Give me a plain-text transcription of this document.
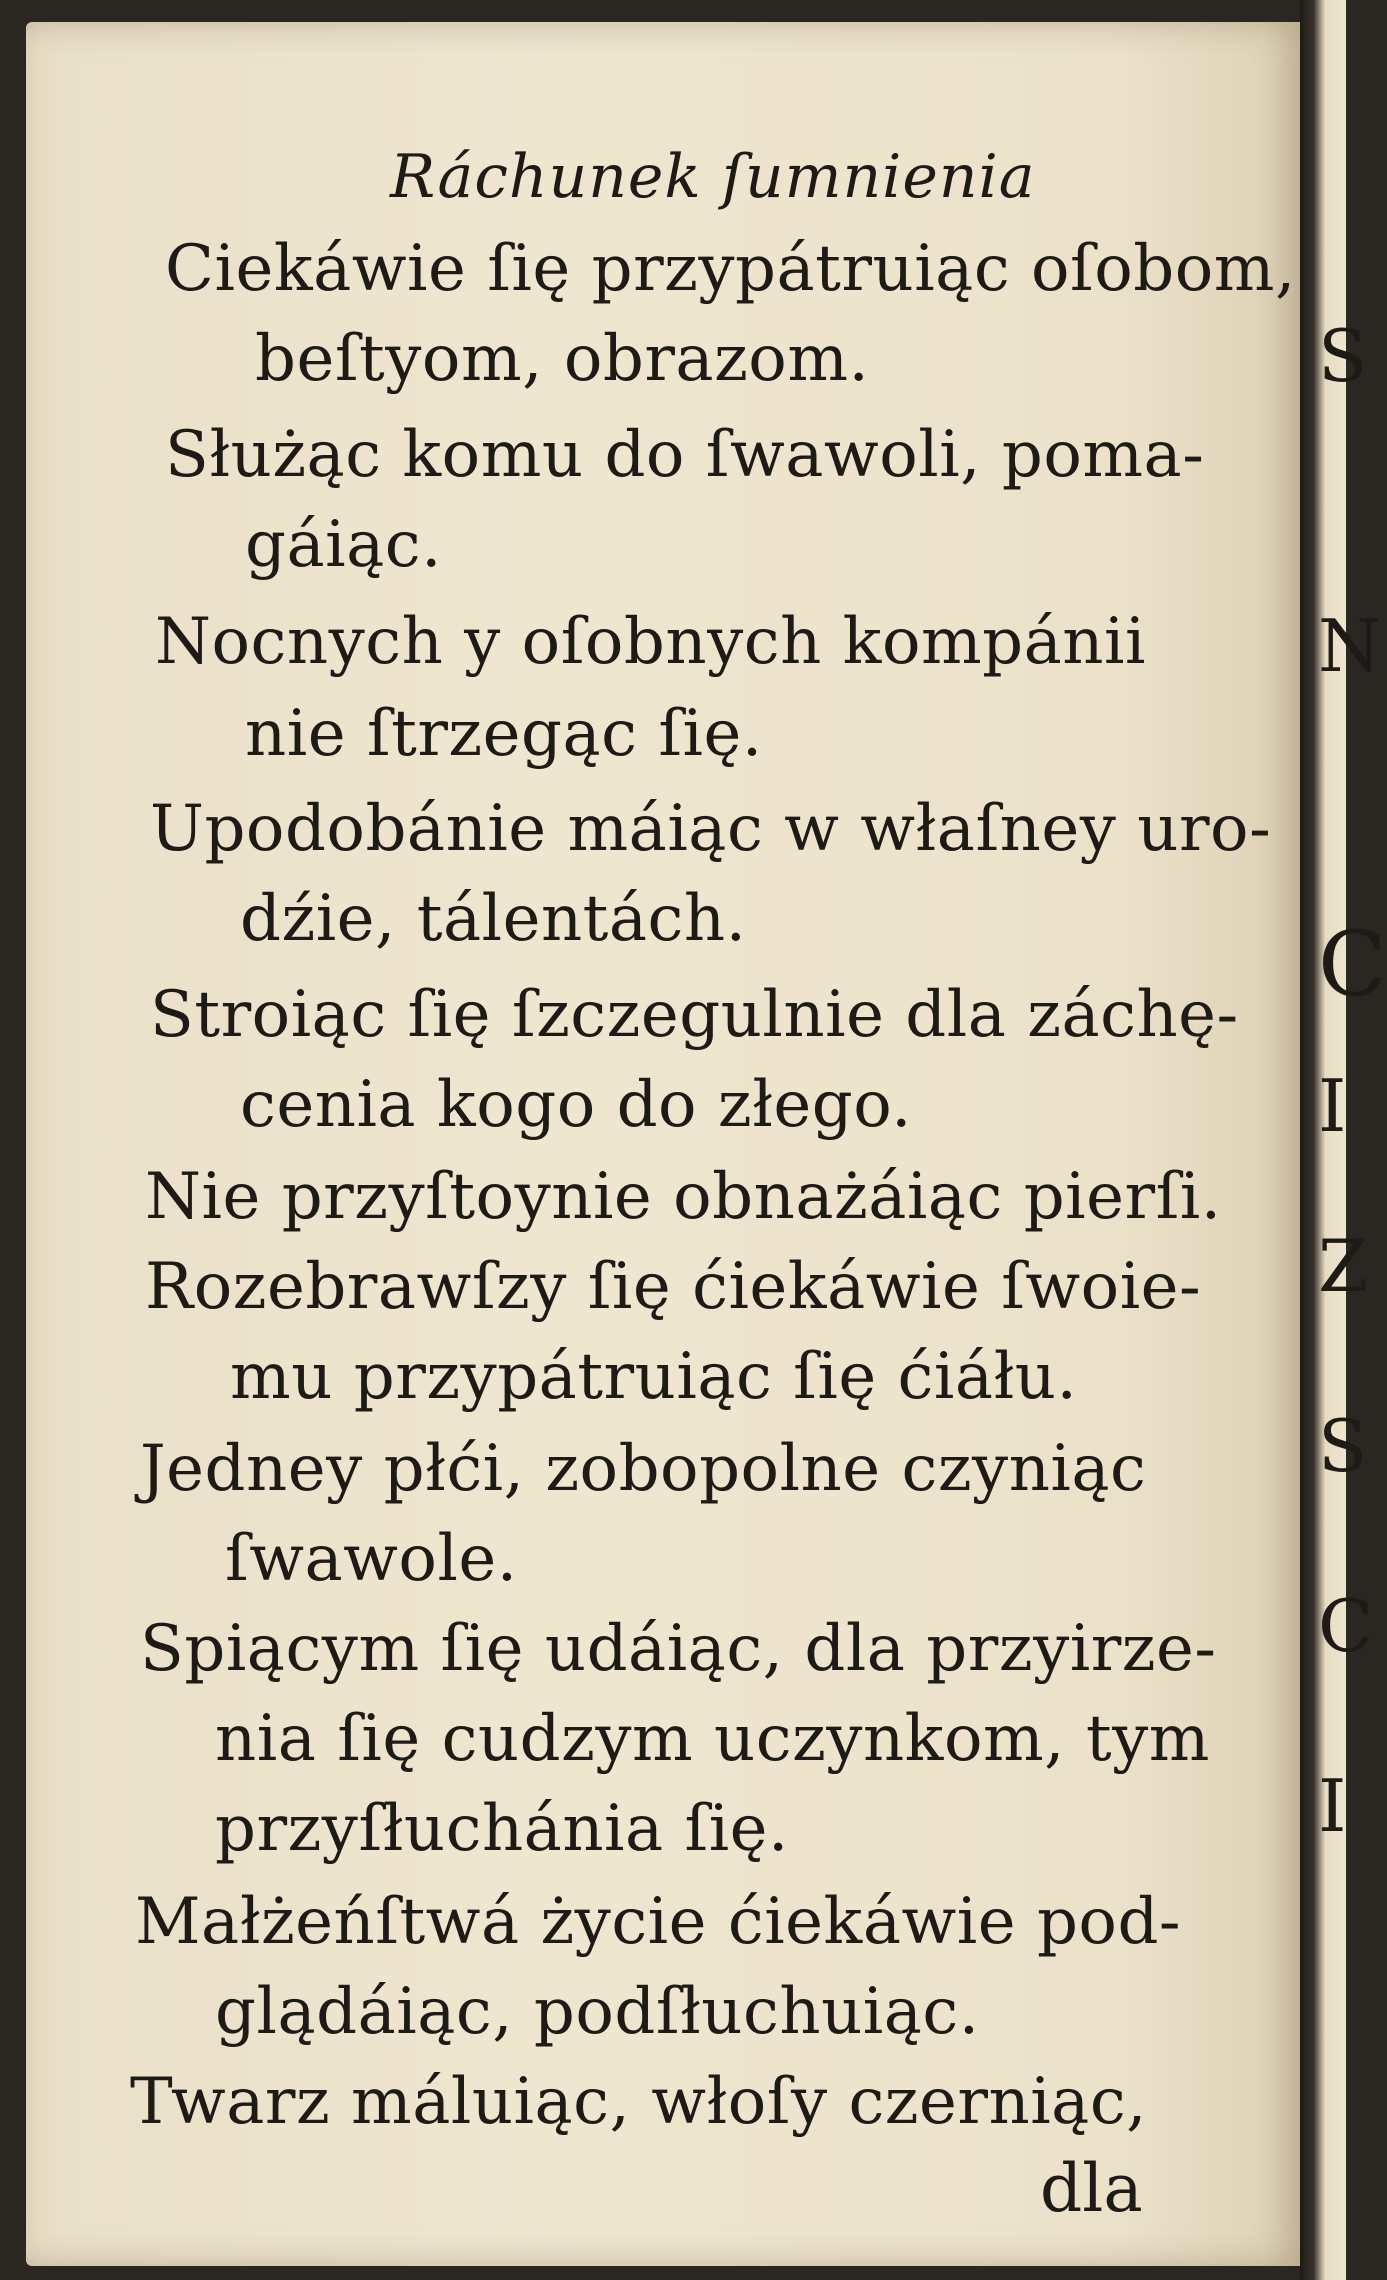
S
N
C
I
Z
S
C
I
Ráchunek ſumnienia
Ciekáwie ſię przypátruiąc oſobom,
beſtyom, obrazom.
Służąc komu do ſwawoli, poma-
gáiąc.
Nocnych y oſobnych kompánii
nie ſtrzegąc ſię.
Upodobánie máiąc w właſney uro-
dźie, tálentách.
Stroiąc ſię ſzczegulnie dla záchę-
cenia kogo do złego.
Nie przyſtoynie obnażáiąc pierſi.
Rozebrawſzy ſię ćiekáwie ſwoie-
mu przypátruiąc ſię ćiáłu.
Jedney płći, zobopolne czyniąc
ſwawole.
Spiącym ſię udáiąc, dla przyirze-
nia ſię cudzym uczynkom, tym
przyſłuchánia ſię.
Małżeńſtwá życie ćiekáwie pod-
glądáiąc, podſłuchuiąc.
Twarz máluiąc, włoſy czerniąc,
dla
